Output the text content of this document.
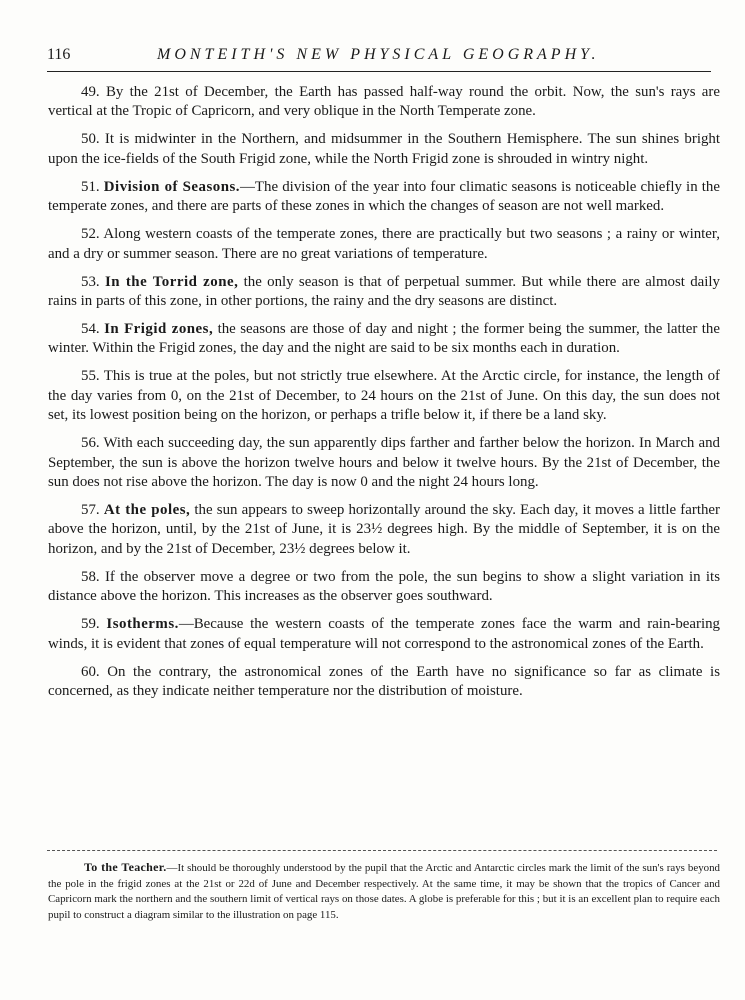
116	MONTEITH'S NEW PHYSICAL GEOGRAPHY.

49. By the 21st of December, the Earth has passed half-way round the orbit. Now, the sun's rays are vertical at the Tropic of Capricorn, and very oblique in the North Temperate zone.

50. It is midwinter in the Northern, and midsummer in the Southern Hemisphere. The sun shines bright upon the ice-fields of the South Frigid zone, while the North Frigid zone is shrouded in wintry night.

51. Division of Seasons.—The division of the year into four climatic seasons is noticeable chiefly in the temperate zones, and there are parts of these zones in which the changes of season are not well marked.

52. Along western coasts of the temperate zones, there are practically but two seasons ; a rainy or winter, and a dry or summer season. There are no great variations of temperature.

53. In the Torrid zone, the only season is that of perpetual summer. But while there are almost daily rains in parts of this zone, in other portions, the rainy and the dry seasons are distinct.

54. In Frigid zones, the seasons are those of day and night ; the former being the summer, the latter the winter. Within the Frigid zones, the day and the night are said to be six months each in duration.

55. This is true at the poles, but not strictly true elsewhere. At the Arctic circle, for instance, the length of the day varies from 0, on the 21st of December, to 24 hours on the 21st of June. On this day, the sun does not set, its lowest position being on the horizon, or perhaps a trifle below it, if there be a land sky.

56. With each succeeding day, the sun apparently dips farther and farther below the horizon. In March and September, the sun is above the horizon twelve hours and below it twelve hours. By the 21st of December, the sun does not rise above the horizon. The day is now 0 and the night 24 hours long.

57. At the poles, the sun appears to sweep horizontally around the sky. Each day, it moves a little farther above the horizon, until, by the 21st of June, it is 23½ degrees high. By the middle of September, it is on the horizon, and by the 21st of December, 23½ degrees below it.

58. If the observer move a degree or two from the pole, the sun begins to show a slight variation in its distance above the horizon. This increases as the observer goes southward.

59. Isotherms.—Because the western coasts of the temperate zones face the warm and rain-bearing winds, it is evident that zones of equal temperature will not correspond to the astronomical zones of the Earth.

60. On the contrary, the astronomical zones of the Earth have no significance so far as climate is concerned, as they indicate neither temperature nor the distribution of moisture.

To the Teacher.—It should be thoroughly understood by the pupil that the Arctic and Antarctic circles mark the limit of the sun's rays beyond the pole in the frigid zones at the 21st or 22d of June and December respectively. At the same time, it may be shown that the tropics of Cancer and Capricorn mark the northern and the southern limit of vertical rays on those dates. A globe is preferable for this ; but it is an excellent plan to require each pupil to construct a diagram similar to the illustration on page 115.
